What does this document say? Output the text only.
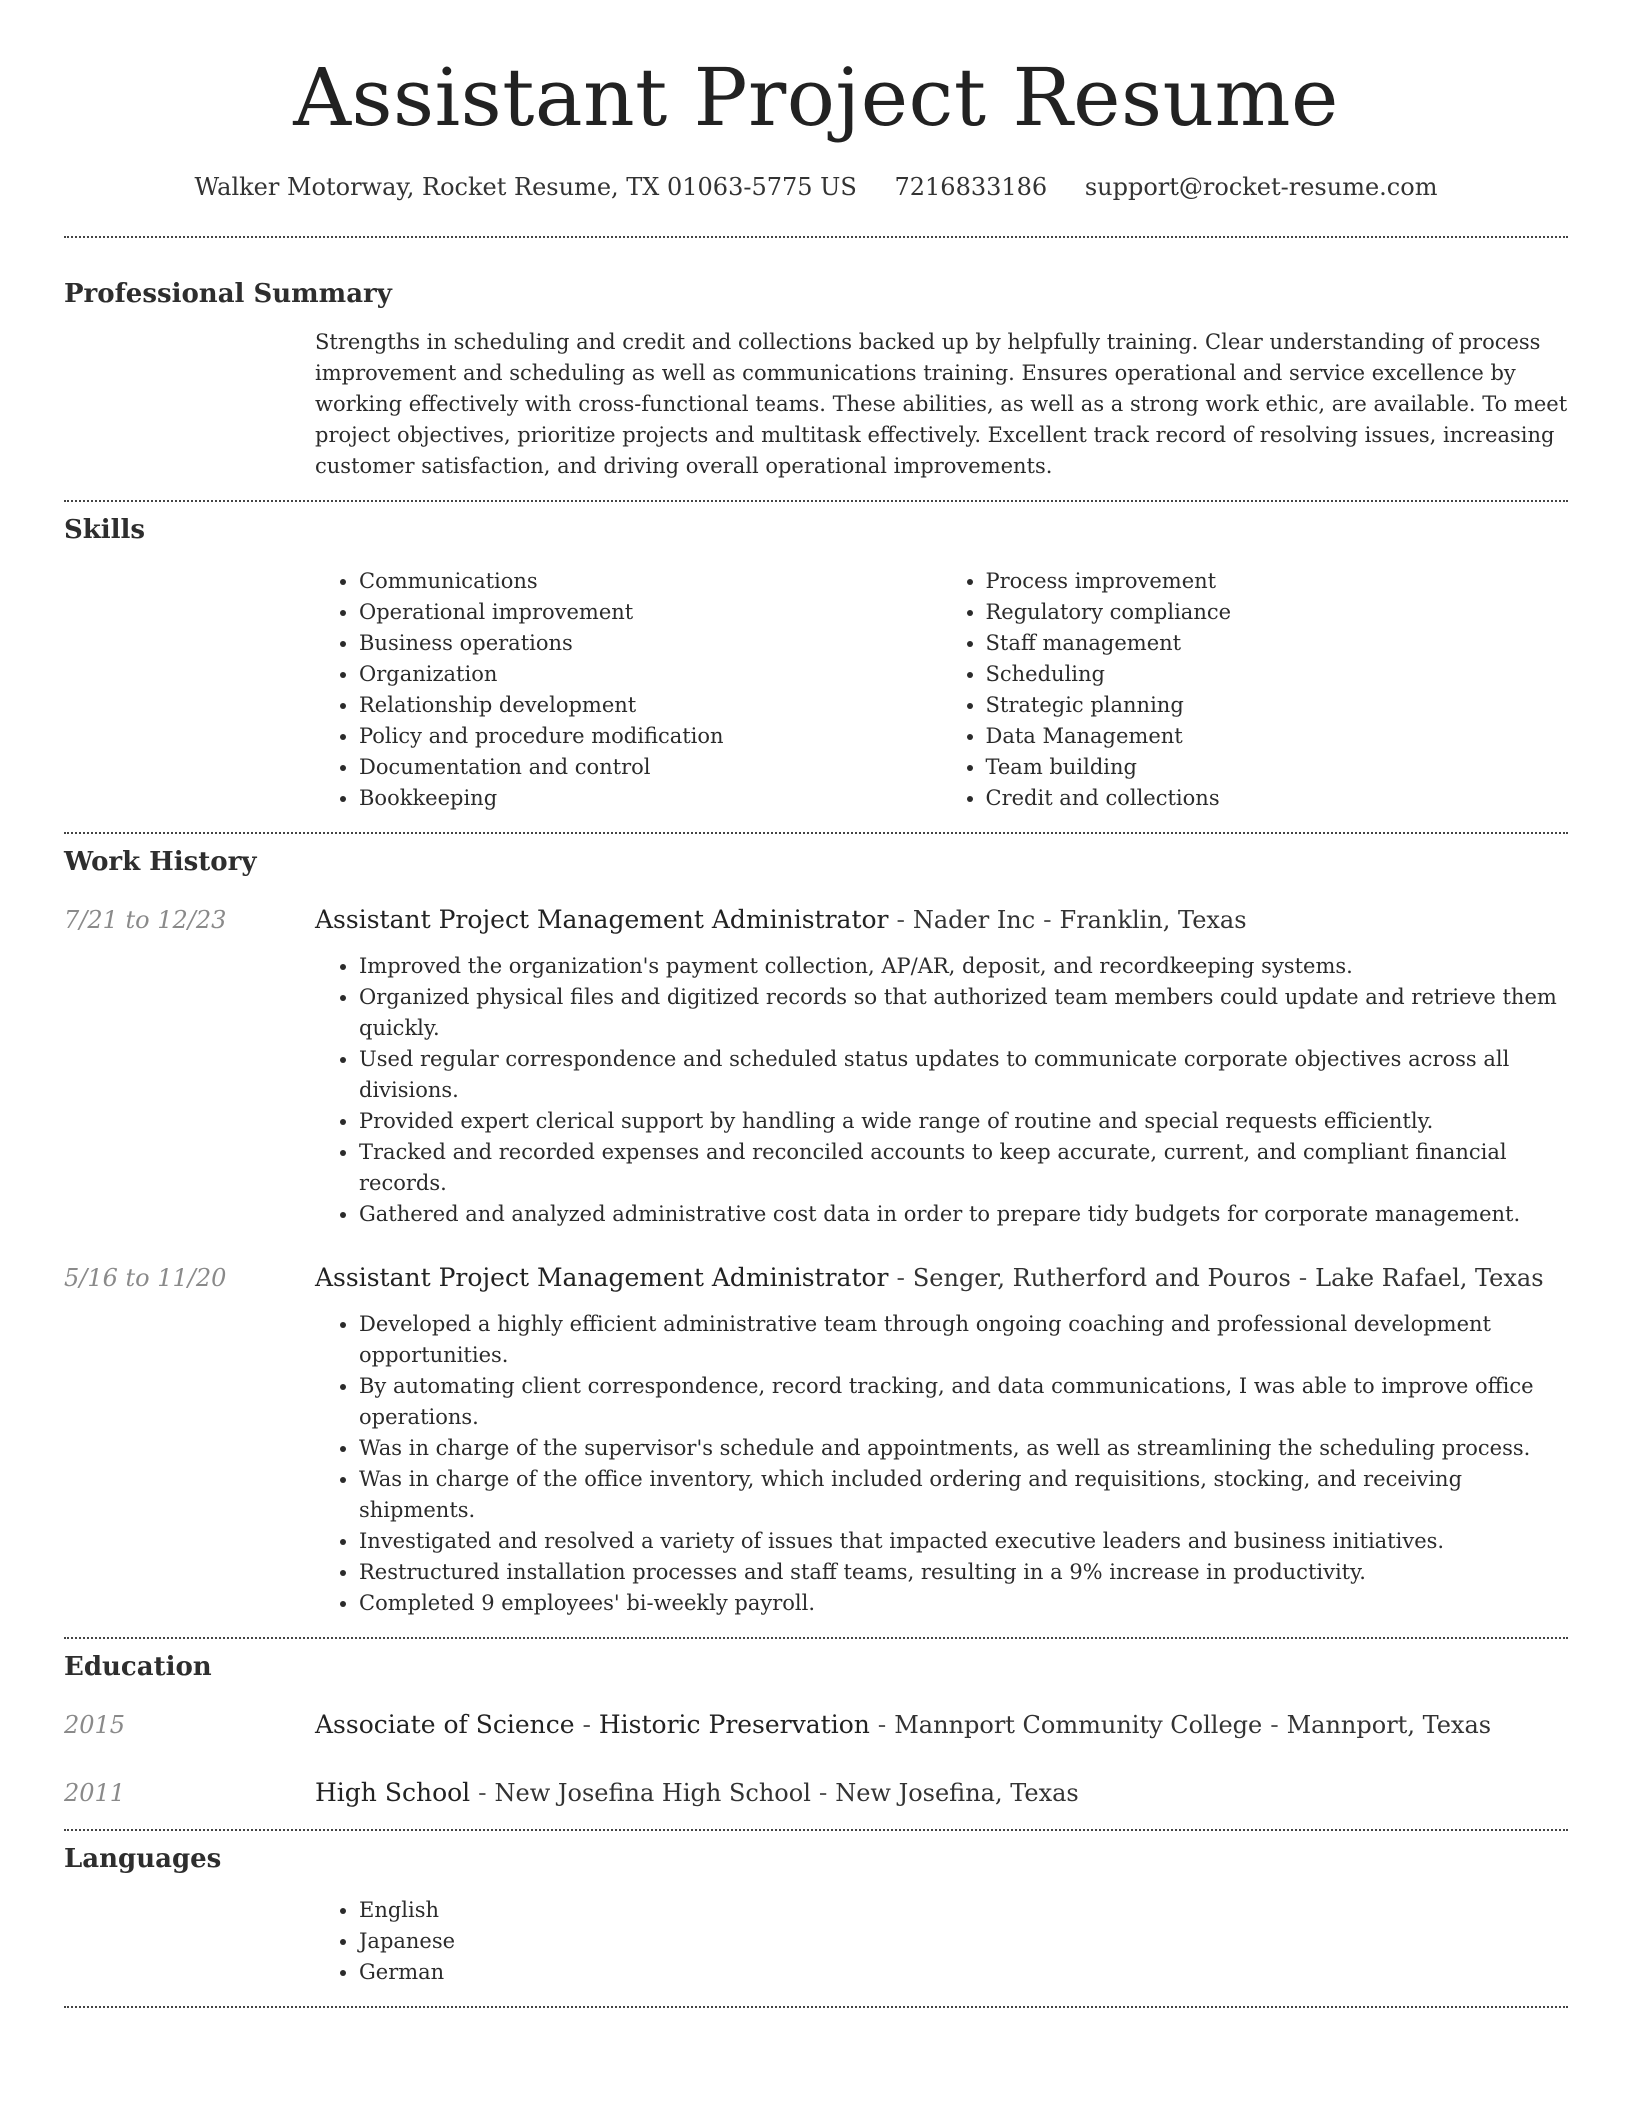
Assistant Project Resume
Walker Motorway, Rocket Resume, TX 01063-5775 US 7216833186 support@rocket-resume.com
Professional Summary

Strengths in scheduling and credit and collections backed up by helpfully training. Clear understanding of process improvement and scheduling as well as communications training. Ensures operational and service excellence by working effectively with cross-functional teams. These abilities, as well as a strong work ethic, are available. To meet project objectives, prioritize projects and multitask effectively. Excellent track record of resolving issues, increasing customer satisfaction, and driving overall operational improvements.

Skills
• Communications
• Operational improvement
• Business operations
• Organization
• Relationship development
• Policy and procedure modification
• Documentation and control
• Bookkeeping
• Process improvement
• Regulatory compliance
• Staff management
• Scheduling
• Strategic planning
• Data Management
• Team building
• Credit and collections
Work History
7/21 to 12/23	Assistant Project Management Administrator - Nader Inc - Franklin, Texas
• Improved the organization's payment collection, AP/AR, deposit, and recordkeeping systems.
• Organized physical files and digitized records so that authorized team members could update and retrieve them quickly.
• Used regular correspondence and scheduled status updates to communicate corporate objectives across all divisions.
• Provided expert clerical support by handling a wide range of routine and special requests efficiently.
• Tracked and recorded expenses and reconciled accounts to keep accurate, current, and compliant financial records.
• Gathered and analyzed administrative cost data in order to prepare tidy budgets for corporate management.
5/16 to 11/20	Assistant Project Management Administrator - Senger, Rutherford and Pouros - Lake Rafael, Texas
• Developed a highly efficient administrative team through ongoing coaching and professional development opportunities.
• By automating client correspondence, record tracking, and data communications, I was able to improve office operations.
• Was in charge of the supervisor's schedule and appointments, as well as streamlining the scheduling process.
• Was in charge of the office inventory, which included ordering and requisitions, stocking, and receiving shipments.
• Investigated and resolved a variety of issues that impacted executive leaders and business initiatives.
• Restructured installation processes and staff teams, resulting in a 9% increase in productivity.
• Completed 9 employees' bi-weekly payroll.
Education
2015	Associate of Science - Historic Preservation - Mannport Community College - Mannport, Texas
2011	High School - New Josefina High School - New Josefina, Texas
Languages
• English
• Japanese
• German
